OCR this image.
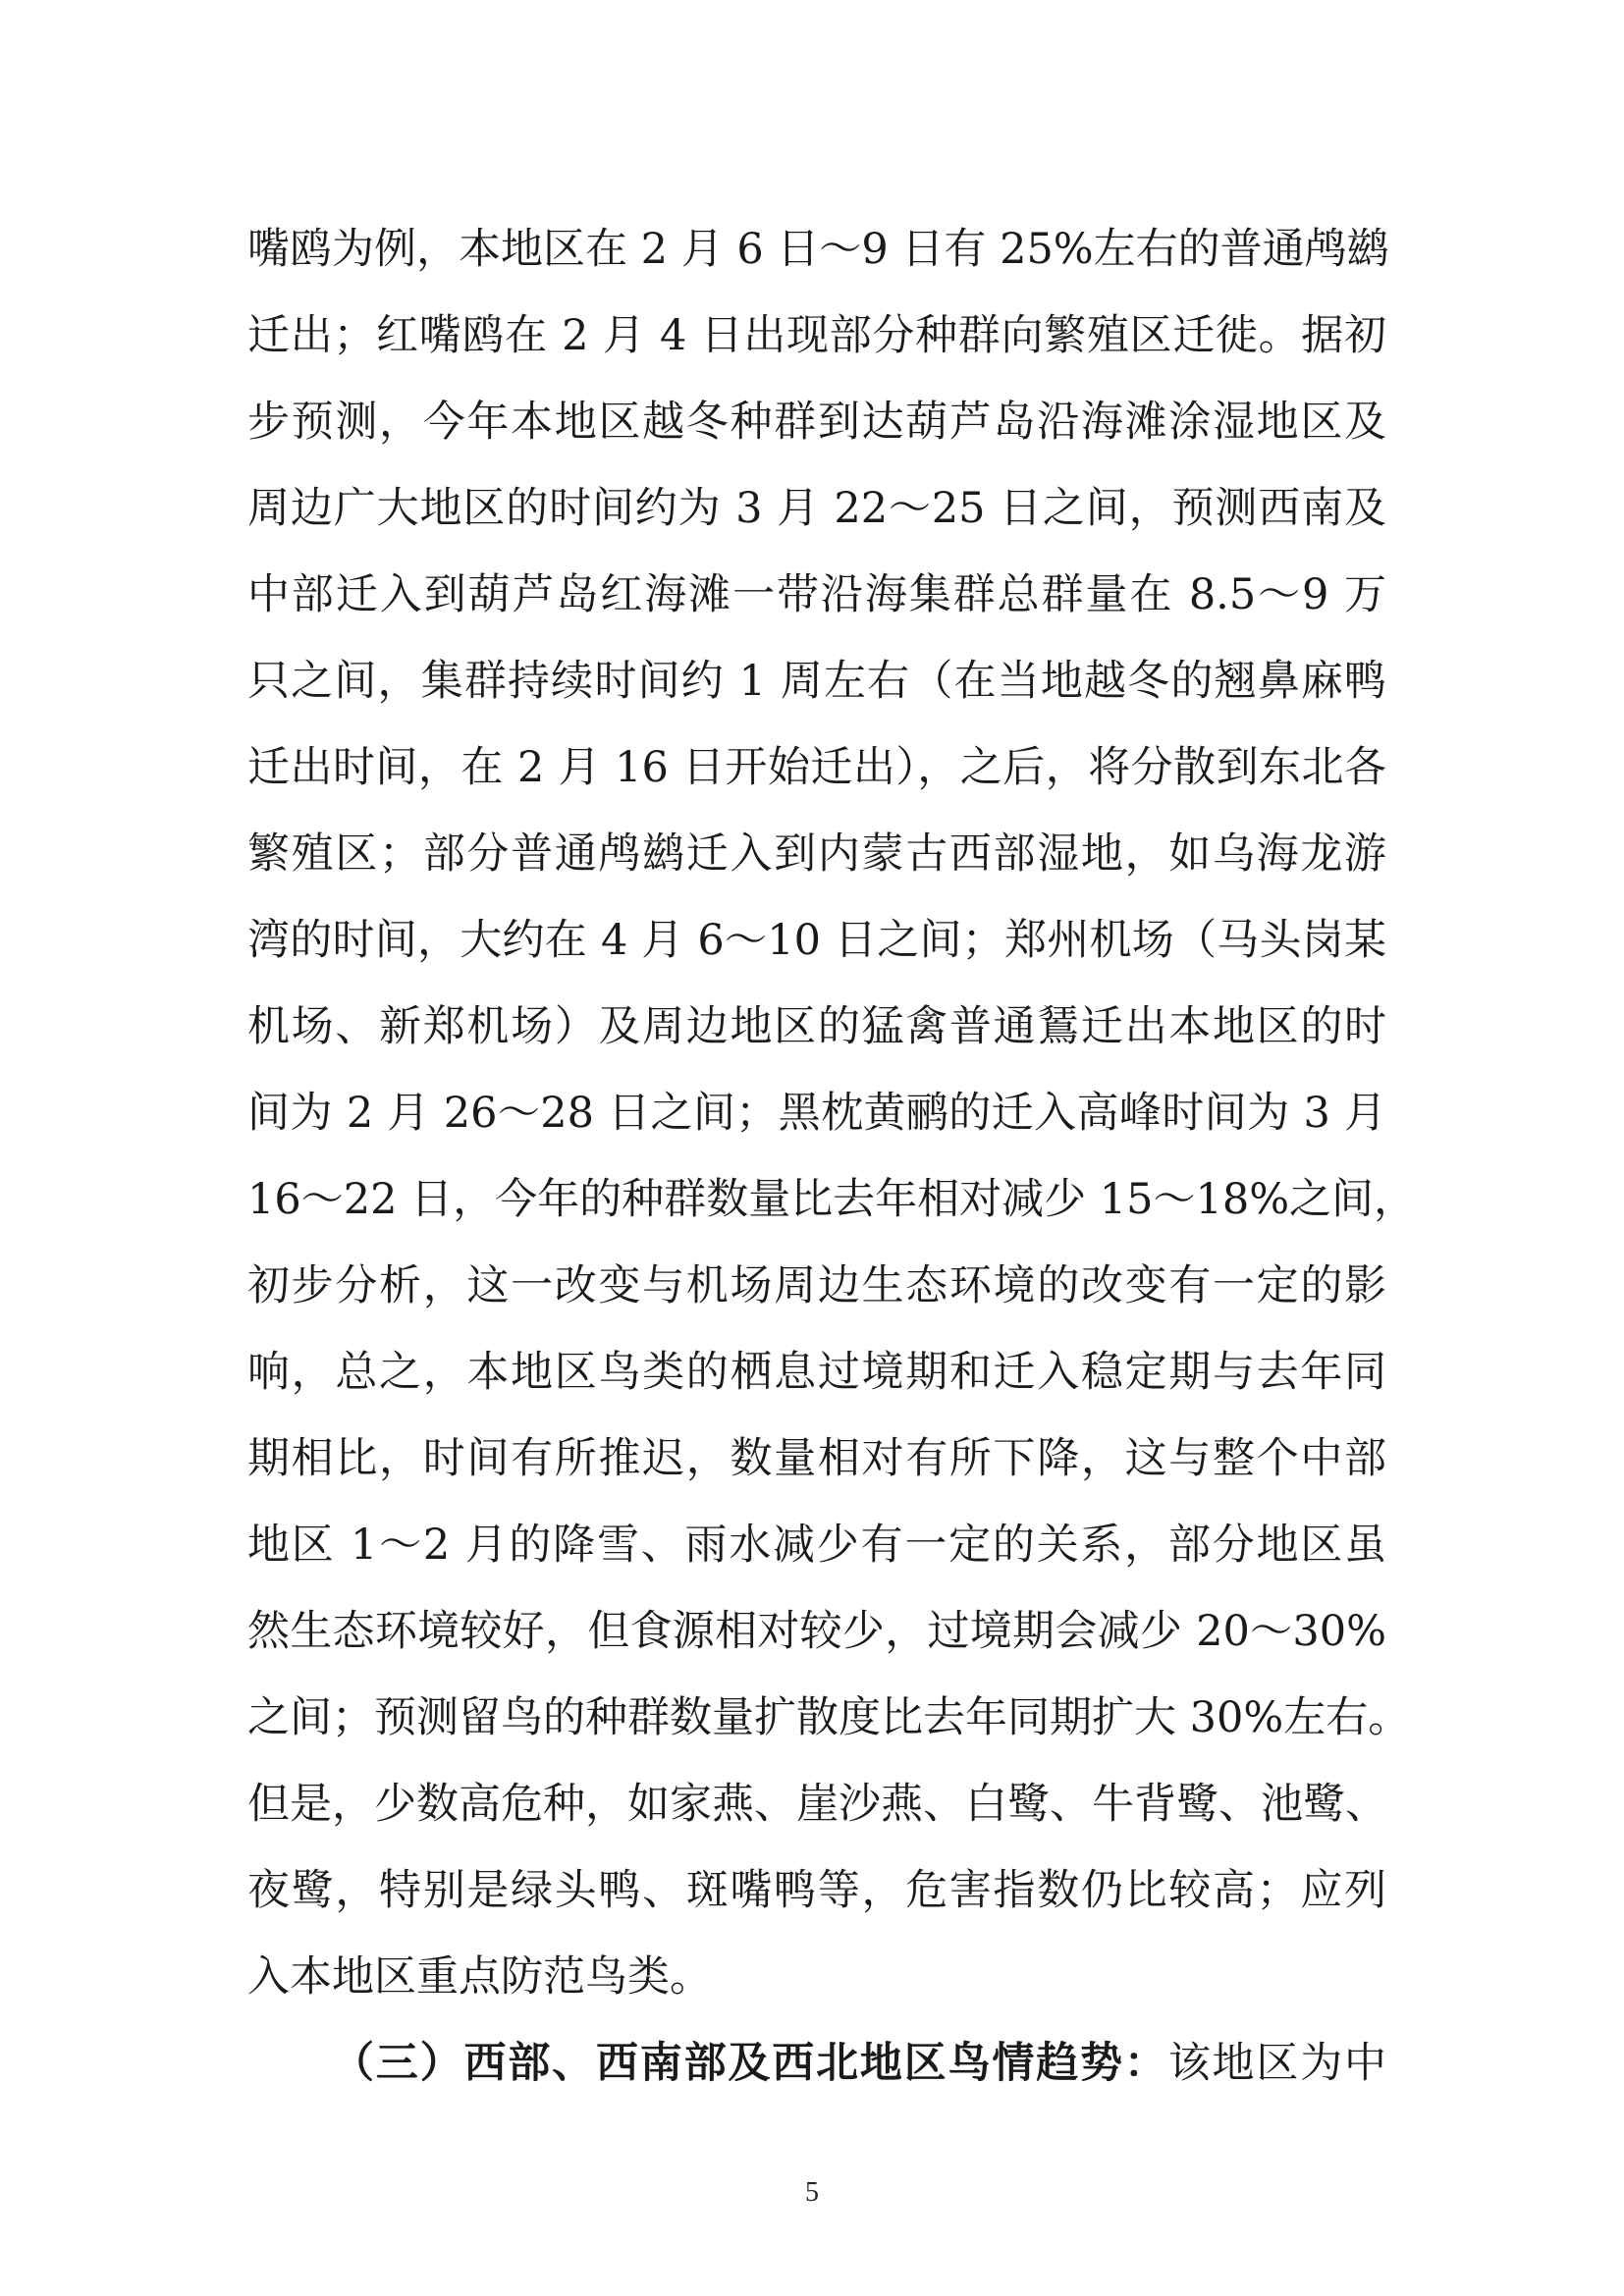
嘴鸥为例，本地区在 2 月 6 日～9 日有 25%左右的普通鸬鹚
迁出；红嘴鸥在 2 月 4 日出现部分种群向繁殖区迁徙。据初
步预测，今年本地区越冬种群到达葫芦岛沿海滩涂湿地区及
周边广大地区的时间约为 3 月 22～25 日之间，预测西南及
中部迁入到葫芦岛红海滩一带沿海集群总群量在 8.5～9 万
只之间，集群持续时间约 1 周左右（在当地越冬的翘鼻麻鸭
迁出时间，在 2 月 16 日开始迁出），之后，将分散到东北各
繁殖区；部分普通鸬鹚迁入到内蒙古西部湿地，如乌海龙游
湾的时间，大约在 4 月 6～10 日之间；郑州机场（马头岗某
机场、新郑机场）及周边地区的猛禽普通鵟迁出本地区的时
间为 2 月 26～28 日之间；黑枕黄鹂的迁入高峰时间为 3 月
16～22 日，今年的种群数量比去年相对减少 15～18%之间，
初步分析，这一改变与机场周边生态环境的改变有一定的影
响，总之，本地区鸟类的栖息过境期和迁入稳定期与去年同
期相比，时间有所推迟，数量相对有所下降，这与整个中部
地区 1～2 月的降雪、雨水减少有一定的关系，部分地区虽
然生态环境较好，但食源相对较少，过境期会减少 20～30%
之间；预测留鸟的种群数量扩散度比去年同期扩大 30%左右。
但是，少数高危种，如家燕、崖沙燕、白鹭、牛背鹭、池鹭、
夜鹭，特别是绿头鸭、斑嘴鸭等，危害指数仍比较高；应列
入本地区重点防范鸟类。
（三）西部、西南部及西北地区鸟情趋势：该地区为中
5
